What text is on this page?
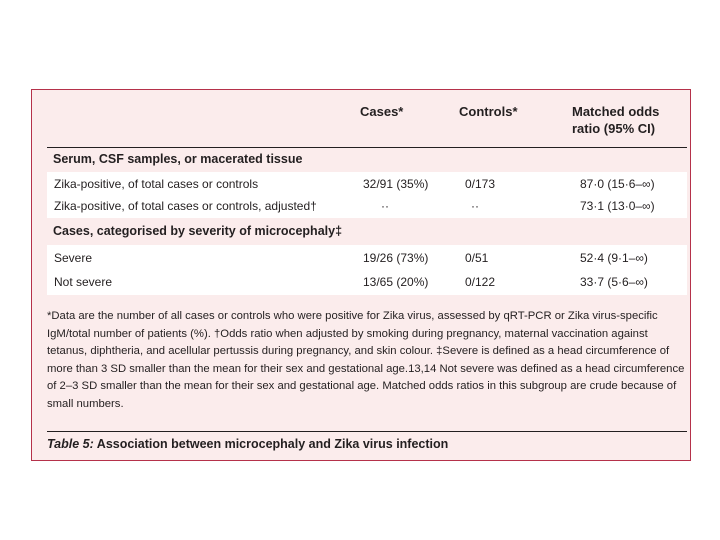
Cases*	Controls*	Matched odds
ratio (95% CI)
Serum, CSF samples, or macerated tissue
Zika-positive, of total cases or controls	32/91 (35%)	0/173	87·0 (15·6–∞)
Zika-positive, of total cases or controls, adjusted†	··	··	73·1 (13·0–∞)
Cases, categorised by severity of microcephaly‡
Severe	19/26 (73%)	0/51	52·4 (9·1–∞)
Not severe	13/65 (20%)	0/122	33·7 (5·6–∞)
*Data are the number of all cases or controls who were positive for Zika virus, assessed by qRT-PCR or Zika virus-specific IgM/total number of patients (%). †Odds ratio when adjusted by smoking during pregnancy, maternal vaccination against tetanus, diphtheria, and acellular pertussis during pregnancy, and skin colour. ‡Severe is defined as a head circumference of more than 3 SD smaller than the mean for their sex and gestational age.13,14 Not severe was defined as a head circumference of 2–3 SD smaller than the mean for their sex and gestational age. Matched odds ratios in this subgroup are crude because of small numbers.
Table 5: Association between microcephaly and Zika virus infection
